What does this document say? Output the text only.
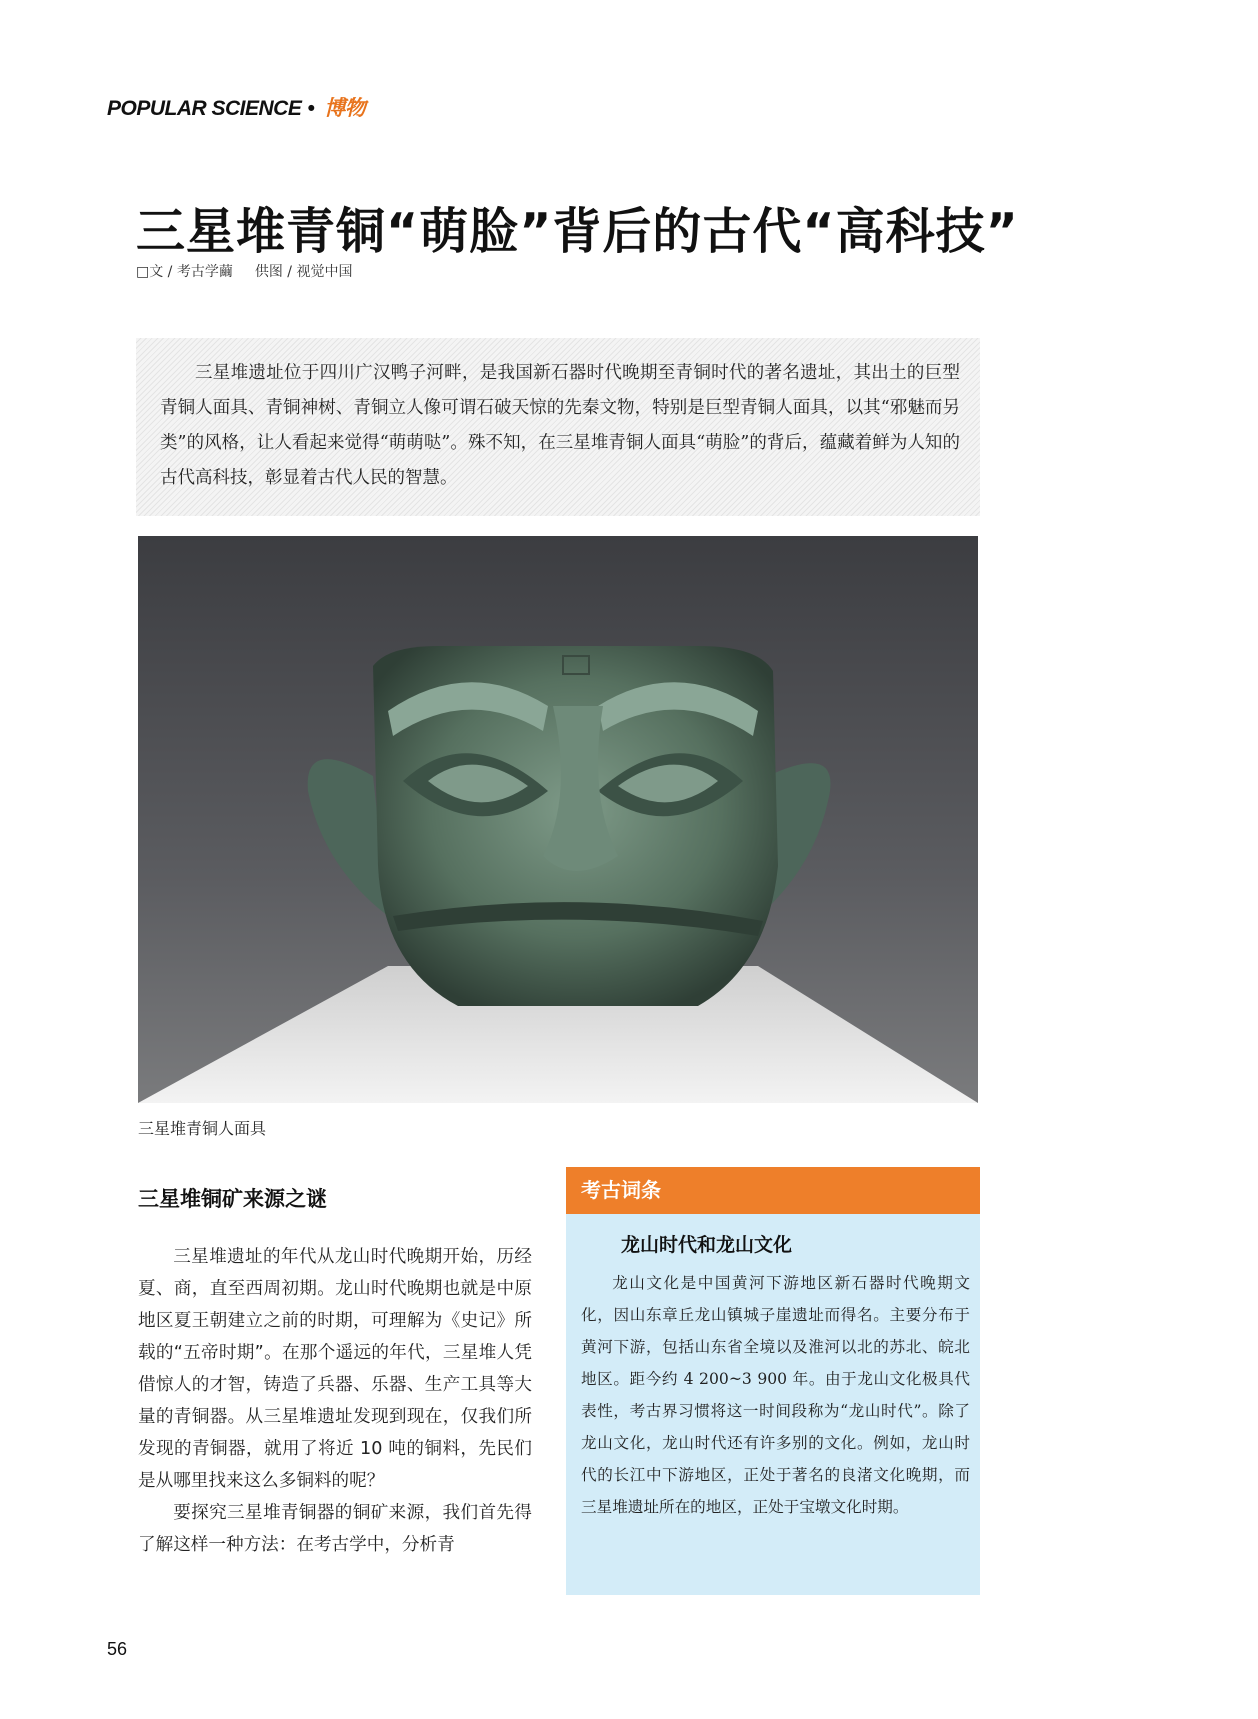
POPULAR SCIENCE • 博物
三星堆青铜“萌脸”背后的古代“高科技”
□文 / 考古学繭 供图 / 视觉中国

三星堆遗址位于四川广汉鸭子河畔，是我国新石器时代晚期至青铜时代的著名遗址，其出土的巨型青铜人面具、青铜神树、青铜立人像可谓石破天惊的先秦文物，特别是巨型青铜人面具，以其“邪魅而另类”的风格，让人看起来觉得“萌萌哒”。殊不知，在三星堆青铜人面具“萌脸”的背后，蕴藏着鲜为人知的古代高科技，彰显着古代人民的智慧。

三星堆青铜人面具
三星堆铜矿来源之谜

三星堆遗址的年代从龙山时代晚期开始，历经夏、商，直至西周初期。龙山时代晚期也就是中原地区夏王朝建立之前的时期，可理解为《史记》所载的“五帝时期”。在那个遥远的年代，三星堆人凭借惊人的才智，铸造了兵器、乐器、生产工具等大量的青铜器。从三星堆遗址发现到现在，仅我们所发现的青铜器，就用了将近 10 吨的铜料，先民们是从哪里找来这么多铜料的呢？

要探究三星堆青铜器的铜矿来源，我们首先得了解这样一种方法：在考古学中，分析青

考古词条
龙山时代和龙山文化
龙山文化是中国黄河下游地区新石器时代晚期文化，因山东章丘龙山镇城子崖遗址而得名。主要分布于黄河下游，包括山东省全境以及淮河以北的苏北、皖北地区。距今约 4 200~3 900 年。由于龙山文化极具代表性，考古界习惯将这一时间段称为“龙山时代”。除了龙山文化，龙山时代还有许多别的文化。例如，龙山时代的长江中下游地区，正处于著名的良渚文化晚期，而三星堆遗址所在的地区，正处于宝墩文化时期。
56
